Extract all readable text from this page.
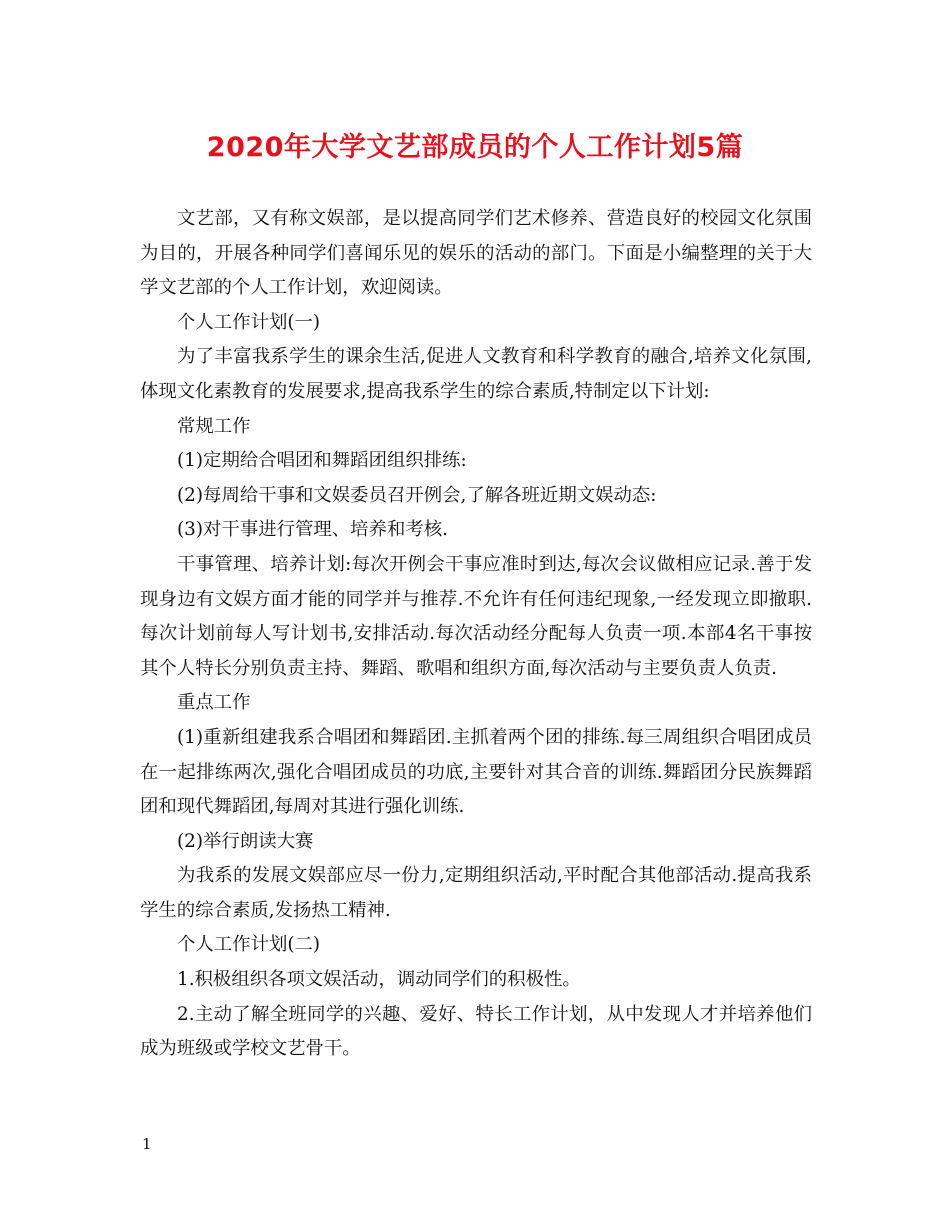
2020年大学文艺部成员的个人工作计划5篇

文艺部，又有称文娱部，是以提高同学们艺术修养、营造良好的校园文化氛围为目的，开展各种同学们喜闻乐见的娱乐的活动的部门。下面是小编整理的关于大学文艺部的个人工作计划，欢迎阅读。

个人工作计划(一)

为了丰富我系学生的课余生活,促进人文教育和科学教育的融合,培养文化氛围,体现文化素教育的发展要求,提高我系学生的综合素质,特制定以下计划:

常规工作

(1)定期给合唱团和舞蹈团组织排练:

(2)每周给干事和文娱委员召开例会,了解各班近期文娱动态:

(3)对干事进行管理、培养和考核.

干事管理、培养计划:每次开例会干事应准时到达,每次会议做相应记录.善于发现身边有文娱方面才能的同学并与推荐.不允许有任何违纪现象,一经发现立即撤职.每次计划前每人写计划书,安排活动.每次活动经分配每人负责一项.本部4名干事按其个人特长分别负责主持、舞蹈、歌唱和组织方面,每次活动与主要负责人负责.

重点工作

(1)重新组建我系合唱团和舞蹈团.主抓着两个团的排练.每三周组织合唱团成员在一起排练两次,强化合唱团成员的功底,主要针对其合音的训练.舞蹈团分民族舞蹈团和现代舞蹈团,每周对其进行强化训练.

(2)举行朗读大赛

为我系的发展文娱部应尽一份力,定期组织活动,平时配合其他部活动.提高我系学生的综合素质,发扬热工精神.

个人工作计划(二)

1.积极组织各项文娱活动，调动同学们的积极性。

2.主动了解全班同学的兴趣、爱好、特长工作计划，从中发现人才并培养他们成为班级或学校文艺骨干。

1
